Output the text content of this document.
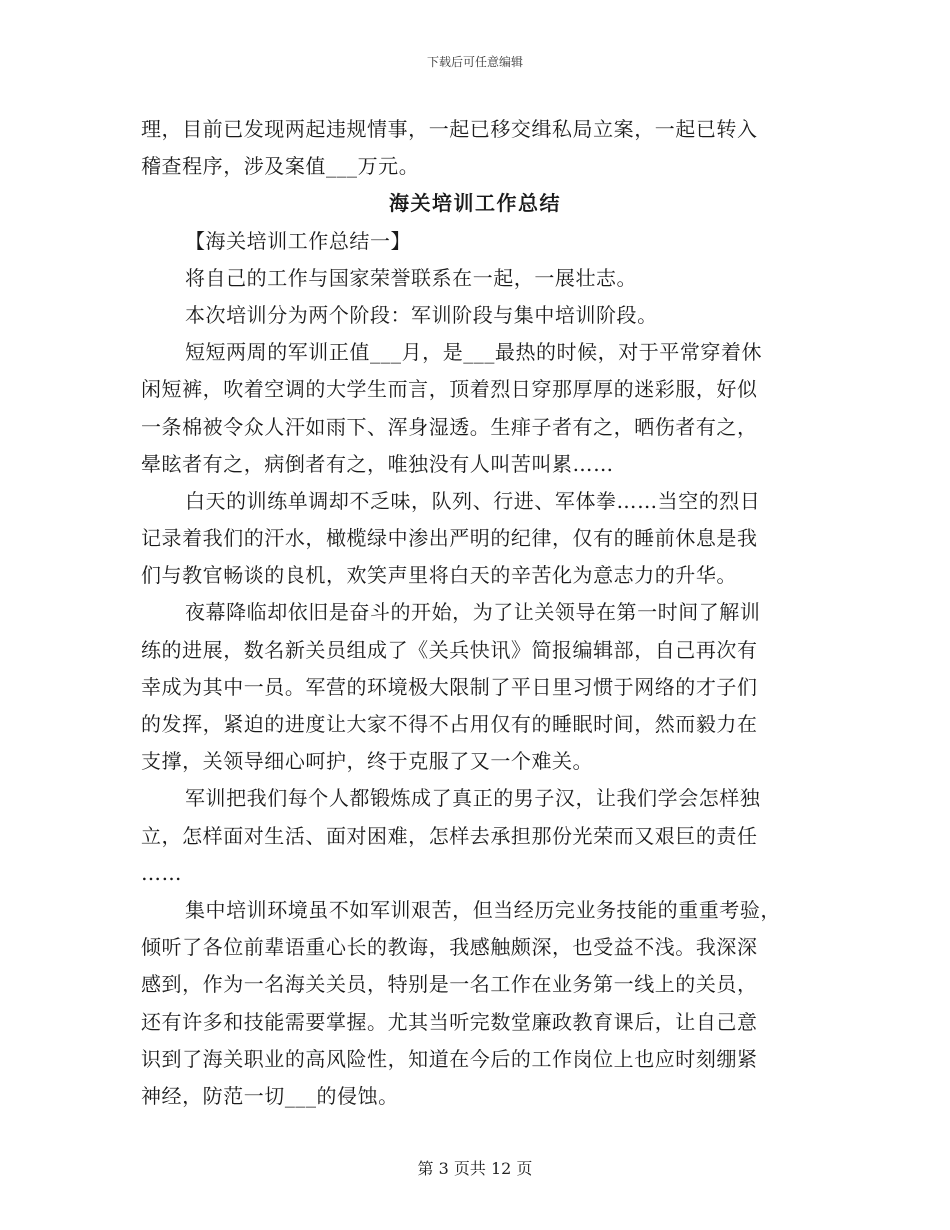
下载后可任意编辑
理，目前已发现两起违规情事，一起已移交缉私局立案，一起已转入
稽查程序，涉及案值___万元。
海关培训工作总结
【海关培训工作总结一】
将自己的工作与国家荣誉联系在一起，一展壮志。
本次培训分为两个阶段：军训阶段与集中培训阶段。
短短两周的军训正值___月，是___最热的时候，对于平常穿着休
闲短裤，吹着空调的大学生而言，顶着烈日穿那厚厚的迷彩服，好似
一条棉被令众人汗如雨下、浑身湿透。生痱子者有之，晒伤者有之，
晕眩者有之，病倒者有之，唯独没有人叫苦叫累……
白天的训练单调却不乏味，队列、行进、军体拳……当空的烈日
记录着我们的汗水，橄榄绿中渗出严明的纪律，仅有的睡前休息是我
们与教官畅谈的良机，欢笑声里将白天的辛苦化为意志力的升华。
夜幕降临却依旧是奋斗的开始，为了让关领导在第一时间了解训
练的进展，数名新关员组成了《关兵快讯》简报编辑部，自己再次有
幸成为其中一员。军营的环境极大限制了平日里习惯于网络的才子们
的发挥，紧迫的进度让大家不得不占用仅有的睡眠时间，然而毅力在
支撑，关领导细心呵护，终于克服了又一个难关。
军训把我们每个人都锻炼成了真正的男子汉，让我们学会怎样独
立，怎样面对生活、面对困难，怎样去承担那份光荣而又艰巨的责任
……
集中培训环境虽不如军训艰苦，但当经历完业务技能的重重考验，
倾听了各位前辈语重心长的教诲，我感触颇深，也受益不浅。我深深
感到，作为一名海关关员，特别是一名工作在业务第一线上的关员，
还有许多和技能需要掌握。尤其当听完数堂廉政教育课后，让自己意
识到了海关职业的高风险性，知道在今后的工作岗位上也应时刻绷紧
神经，防范一切___的侵蚀。
第 3 页共 12 页
